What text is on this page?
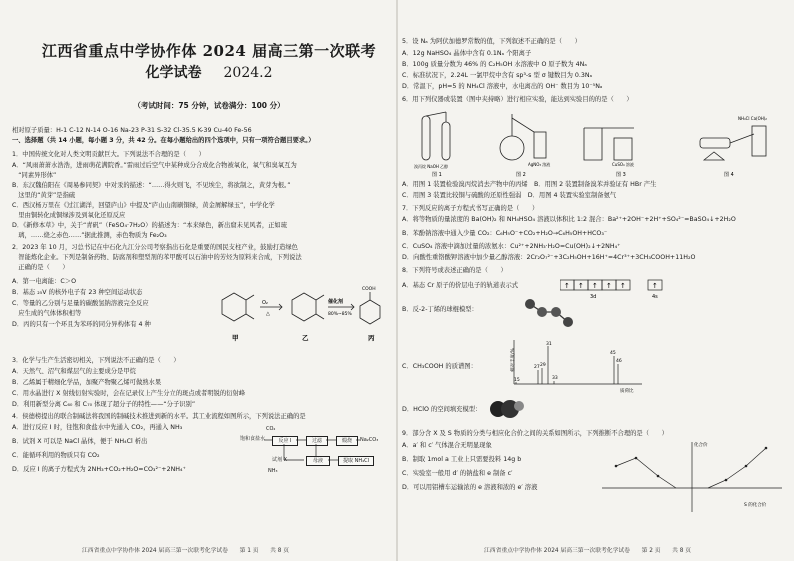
江西省重点中学协作体 2024 届高三第一次联考
化学试卷 2024.2
（考试时间：75 分钟，试卷满分：100 分）
相对原子质量：H-1 C-12 N-14 O-16 Na-23 P-31 S-32 Cl-35.5 K-39 Cu-40 Fe-56
一、选择题（共 14 小题，每小题 3 分，共 42 分。在每小题给出的四个选项中，只有一项符合题目要求。）
1．中国传统文化对人类文明贡献巨大。下列说法不合理的是（　　）
A．“风雨萧萧水浩浩，进雨萌花满院香。”雷雨过后空气中某种成分合成化合物被氧化，氧气和臭氧互为
　“同素异形体”
B．东汉魏伯阳在《周易参同契》中对汞的描述：“……得火则飞，不见埃尘，将欲制之，黄芽为根。”
　这里的“黄芽”是指硫
C．西汉杨万里在《过江湖洋，回望庐山》中提及“庐山山南刷铜绿，黄金屑解绿玉”，中学化学
　里由铜转化成铜绿涉及到氧化还原反应
D．《新修本草》中，关于“青矾”（FeSO₄·7H₂O）的描述为：“本来绿色，新出窟未见风者，正如琉
　璃，……烧之赤色……”据此推测，赤色物质为 Fe₂O₃
2．2023 年 10 月，习总书记在中石化九江分公司考察指出石化是重要的国民支柱产业，鼓励打造绿色
　智能炼化企业。下列是制备药物、防腐剂和塑型剂的苯甲酸可以石油中的芳烃为原料来合成，下列说法
　正确的是（　　）
A．第一电离能：C＞O
B．基态 ₂₅V 的核外电子有 23 种空间运动状态
C．等量的乙分别与足量的碳酸氢钠溶液完全反应
　应生成的气体体积相等
D．丙的只有一个环且为苯环的同分异构体有 4 种
O₂
△
催化剂
80%~85%
COOH
甲	乙	丙
3．化学与生产生活密切相关，下列说法不正确的是（　　）
A．天然气、沼气和煤层气的主要成分是甲烷
B．乙烯属于精细化学品，加聚产物聚乙烯可做熟水果
C．用水晶进行 X 射线衍射实验时，会在记录仪上产生分立的斑点或者明锐的衍射峰
D．利用新型分离 C₆₀ 和 C₇₀ 体现了超分子的特性——“分子识别”
4．侯德榜提出的联合制碱法将我国的制碱技术推进到新的水平。其工业流程如图所示，下列说法正确的是
A．进行反应 I 时，往饱和食盐水中先通入 CO₂，再通入 NH₃
B．试剂 X 可以是 NaCl 晶体，便于 NH₄Cl 析出
C．能循环利用的物质只有 CO₂
D．反应 I 的离子方程式为 2NH₃+CO₂+H₂O=CO₃²⁻+2NH₄⁺
饱和食盐水	反应 I	过滤	煅烧	Na₂CO₃
母液	提取 NH₄Cl
试剂 X
CO₂
NH₃
江西省重点中学协作体 2024 届高三第一次联考化学试卷　　第 1 页　　共 8 页
5．设 Nₐ 为阿伏加德罗常数的值，下列叙述不正确的是（　　）
A．12g NaHSO₄ 晶体中含有 0.1Nₐ 个阳离子
B．100g 质量分数为 46% 的 C₂H₅OH 水溶液中 O 原子数为 4Nₐ
C．标准状况下，2.24L 一氯甲烷中含有 sp³-s 型 σ 键数目为 0.3Nₐ
D．常温下，pH=5 的 NH₄Cl 溶液中，水电离出的 OH⁻ 数目为 10⁻⁵Nₐ
6．用下列仪器或装置（图中夹持略）进行相应实验，能达到实验目的的是（　　）
溴丙烷 NaOH 乙醇	AgNO₃ 溶液	CuSO₄ 溶液
NH₄Cl Ca(OH)₂
图 1	图 2	图 3	图 4
A．用图 1 装置检验溴丙烷消去产物中的丙烯　B．用图 2 装置制备溴苯并验证有 HBr 产生
C．用图 3 装置比较铜与硫酸的还原性强弱　D．用图 4 装置实验室制备氨气
7．下列反应的离子方程式书写正确的是（　　）
A．将等物质的量浓度的 Ba(OH)₂ 和 NH₄HSO₄ 溶液以体积比 1:2 混合：Ba²⁺+2OH⁻+2H⁺+SO₄²⁻=BaSO₄↓+2H₂O
B．苯酚钠溶液中通入少量 CO₂：C₆H₅O⁻+CO₂+H₂O→C₆H₅OH+HCO₃⁻
C．CuSO₄ 溶液中滴加过量的浓氨水：Cu²⁺+2NH₃·H₂O=Cu(OH)₂↓+2NH₄⁺
D．向酸性重铬酸钾溶液中加少量乙醇溶液：2Cr₂O₇²⁻+3C₂H₅OH+16H⁺=4Cr³⁺+3CH₃COOH+11H₂O
8．下列符号或表述正确的是（　　）
A．基态 Cr 原子的价层电子的轨道表示式	↑ ↑ ↑ ↑ ↑	↑
3d	4s
B．反-2-丁烯的球棍模型：
C．CH₃COOH 的质谱图：	27 29
31
33
45
46
15
质荷比
相对丰度/%
D．HClO 的空间填充模型：
9．部分含 X 及 S 物质的分类与相应化合价之间的关系如图所示，下列推断不合理的是（　　）
A．a′ 和 c′ 气体混合无明显现象
B．制取 1mol a 工业上只需要投料 14g b
C．实验室一般用 d′ 的钠盐和 e 制备 c′
D．可以用铝槽车运输浓的 e 溶液和浓的 e′ 溶液
化合价
S 的化合价
江西省重点中学协作体 2024 届高三第一次联考化学试卷　　第 2 页　　共 8 页
